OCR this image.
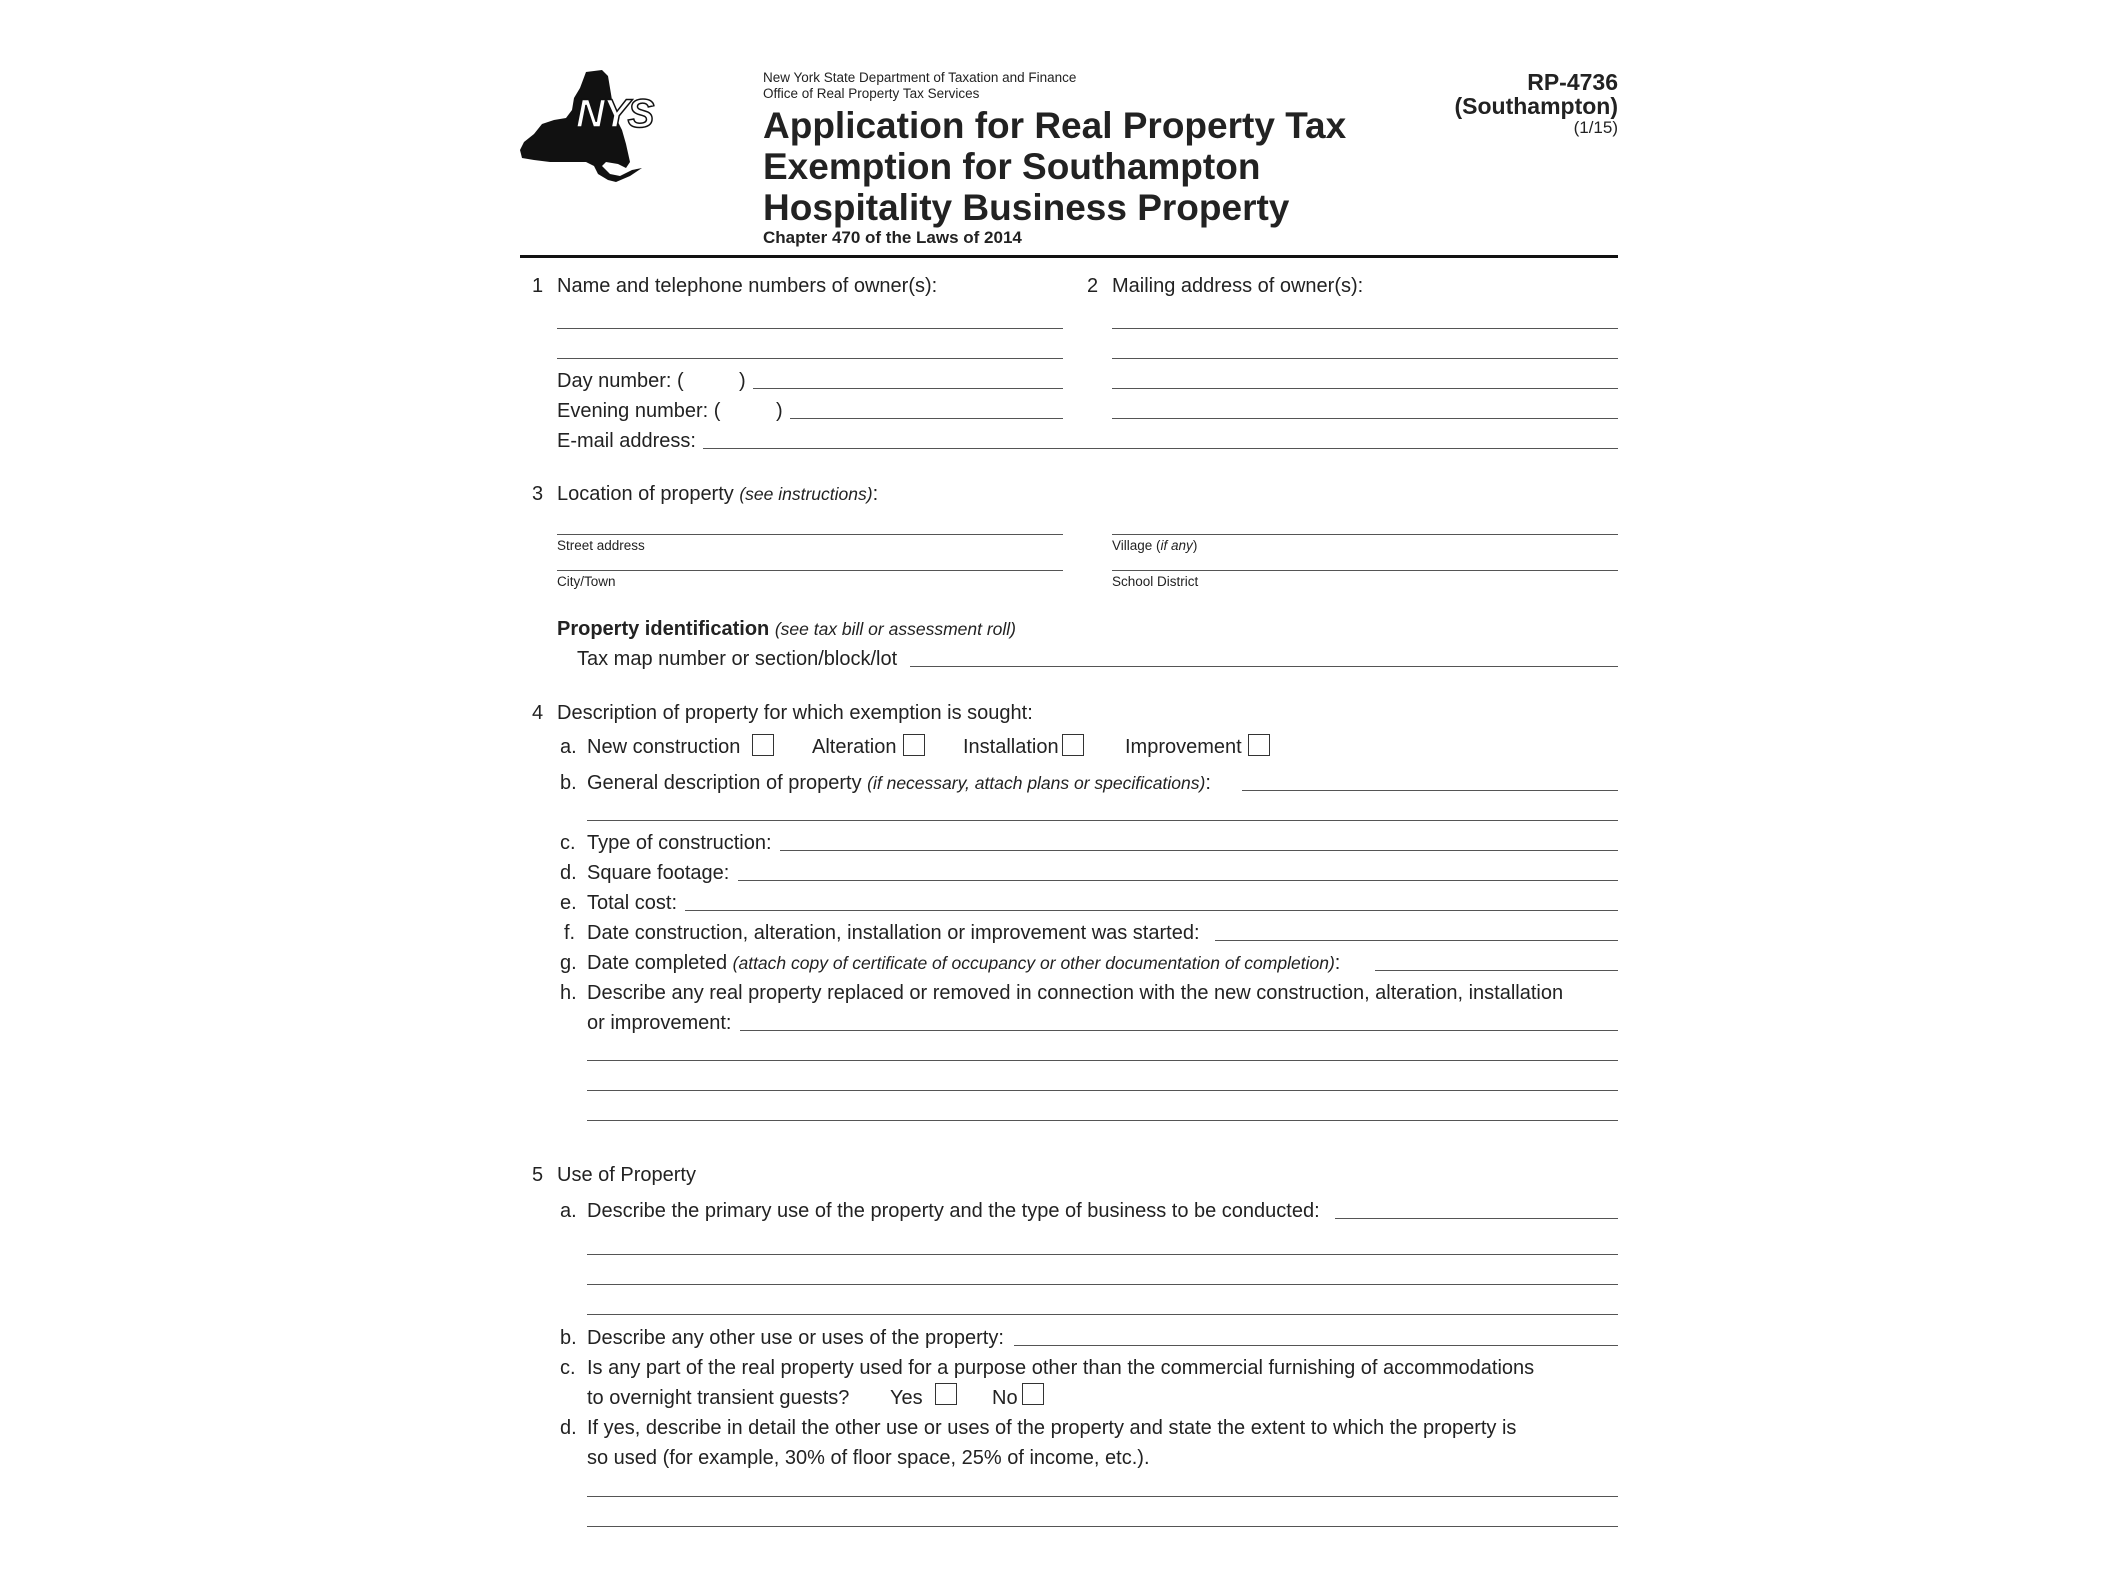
NYS
New York State Department of Taxation and Finance
Office of Real Property Tax Services
Application for Real Property Tax
Exemption for Southampton
Hospitality Business Property
Chapter 470 of the Laws of 2014
RP-4736
(Southampton)
(1/15)
1 Name and telephone numbers of owner(s):
Day number: (	)
Evening number: (	)
E-mail address:
2 Mailing address of owner(s):
3 Location of property (see instructions):
Street address	Village (if any)
City/Town	School District
Property identification (see tax bill or assessment roll)
Tax map number or section/block/lot
4 Description of property for which exemption is sought:
a. New construction	Alteration	Installation	Improvement
b. General description of property (if necessary, attach plans or specifications):
c. Type of construction:
d. Square footage:
e. Total cost:
f. Date construction, alteration, installation or improvement was started:
g. Date completed (attach copy of certificate of occupancy or other documentation of completion):
h. Describe any real property replaced or removed in connection with the new construction, alteration, installation
or improvement:
5 Use of Property
a. Describe the primary use of the property and the type of business to be conducted:
b. Describe any other use or uses of the property:
c. Is any part of the real property used for a purpose other than the commercial furnishing of accommodations
to overnight transient guests? Yes	No
d. If yes, describe in detail the other use or uses of the property and state the extent to which the property is
so used (for example, 30% of floor space, 25% of income, etc.).
